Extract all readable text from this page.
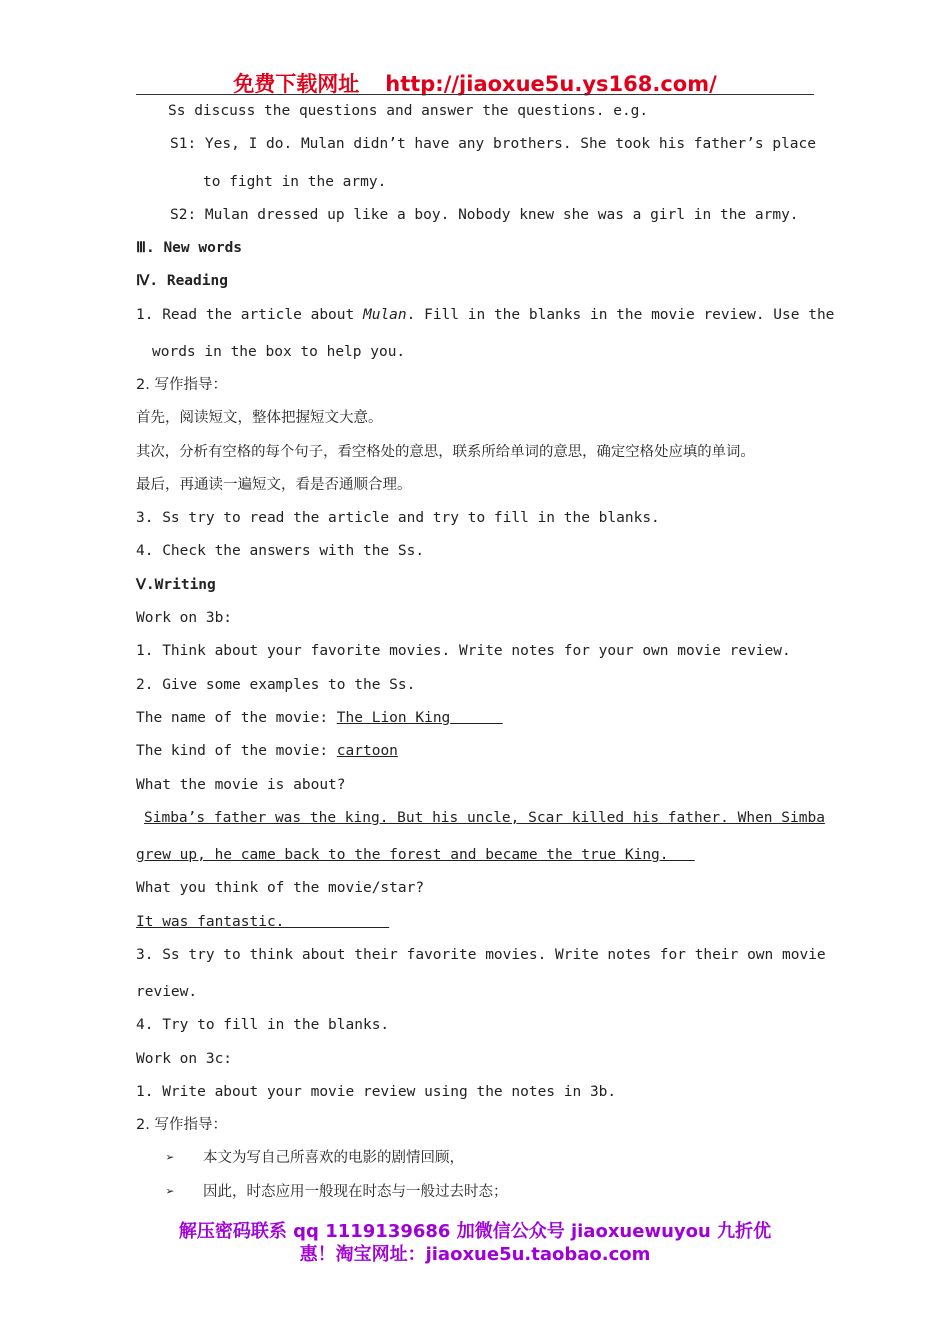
免费下载网址 http://jiaoxue5u.ys168.com/
Ss discuss the questions and answer the questions. e.g.
S1: Yes, I do. Mulan didn’t have any brothers. She took his father’s place
to fight in the army.
S2: Mulan dressed up like a boy. Nobody knew she was a girl in the army.
Ⅲ. New words
Ⅳ. Reading
1. Read the article about Mulan. Fill in the blanks in the movie review. Use the
words in the box to help you.
2. 写作指导：
首先，阅读短文，整体把握短文大意。
其次，分析有空格的每个句子，看空格处的意思，联系所给单词的意思，确定空格处应填的单词。
最后，再通读一遍短文，看是否通顺合理。
3. Ss try to read the article and try to fill in the blanks.
4. Check the answers with the Ss.
Ⅴ.Writing
Work on 3b:
1. Think about your favorite movies. Write notes for your own movie review.
2. Give some examples to the Ss.
The name of the movie: The Lion King
The kind of the movie: cartoon
What the movie is about?
Simba’s father was the king. But his uncle, Scar killed his father. When Simba
grew up, he came back to the forest and became the true King.
What you think of the movie/star?
It was fantastic.
3. Ss try to think about their favorite movies. Write notes for their own movie
review.
4. Try to fill in the blanks.
Work on 3c:
1. Write about your movie review using the notes in 3b.
2. 写作指导：
➢ 本文为写自己所喜欢的电影的剧情回顾，
➢ 因此，时态应用一般现在时态与一般过去时态；
解压密码联系 qq 1119139686 加微信公众号 jiaoxuewuyou 九折优
惠！淘宝网址：jiaoxue5u.taobao.com
